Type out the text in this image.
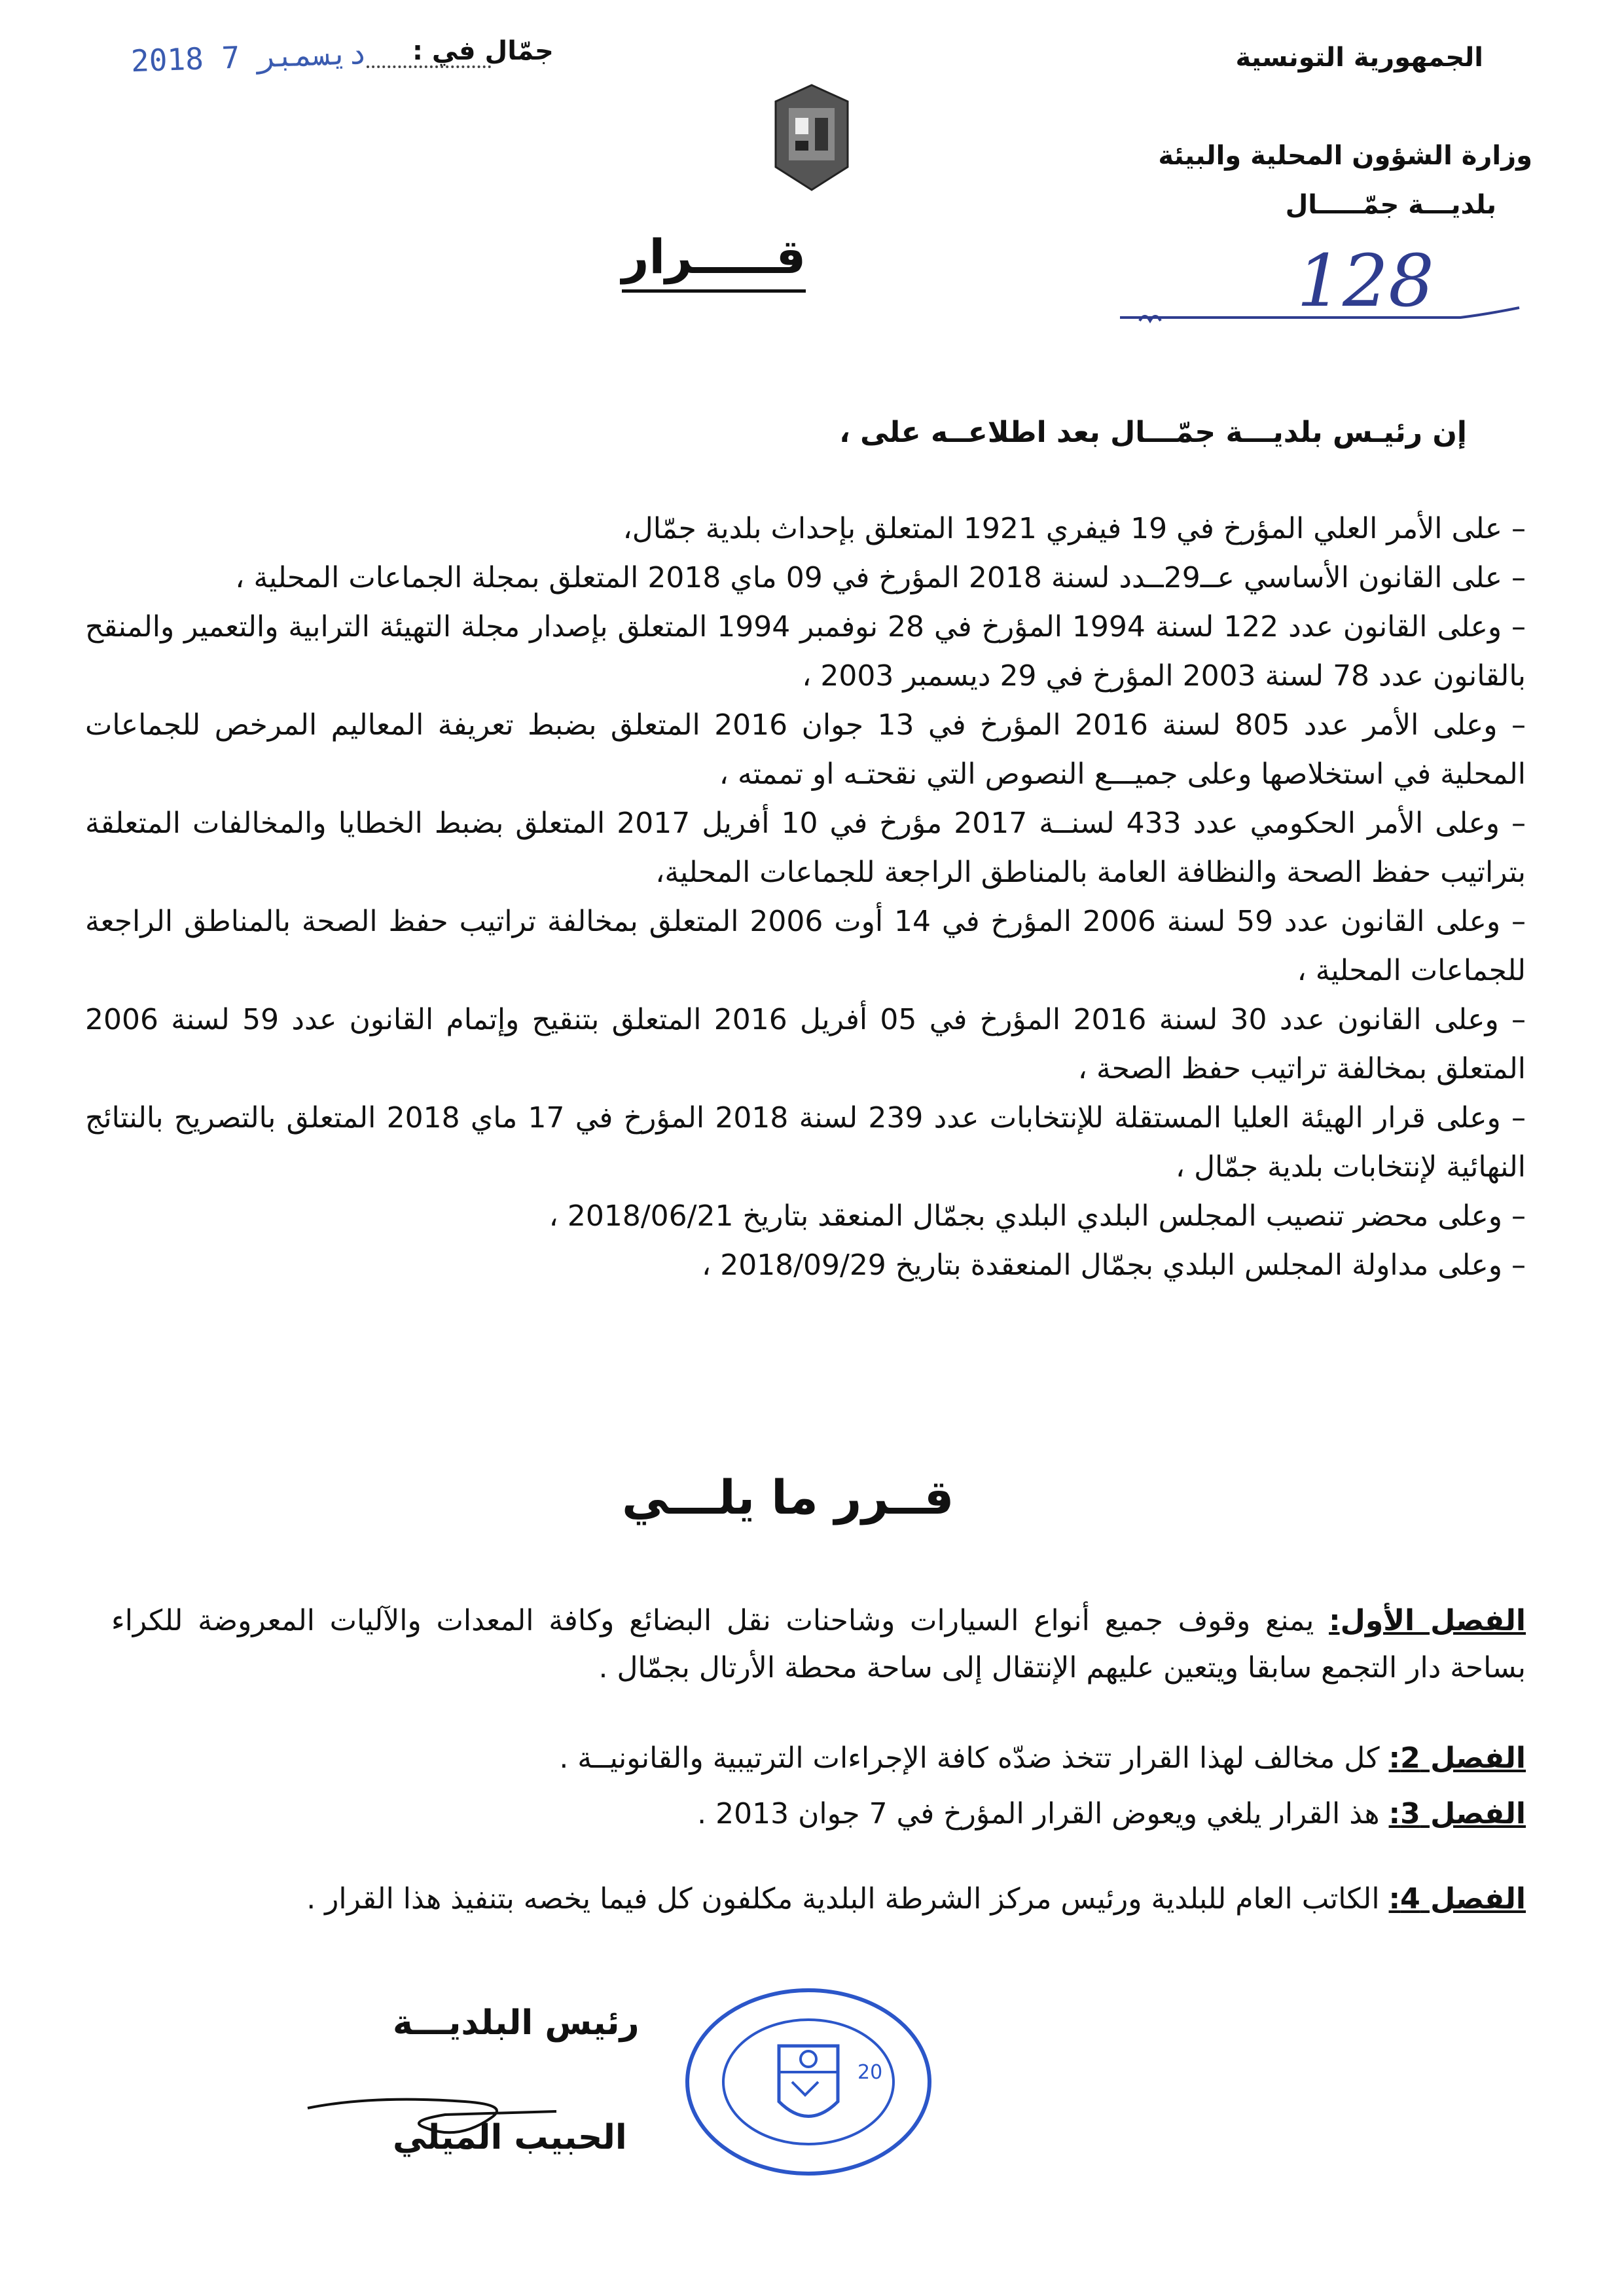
الجمهورية التونسية
وزارة الشؤون المحلية والبيئة
بلديـــة جمّـــــال
جمّال في :
2018 ديسمبر 7
قـــــرار	128
إن رئيـس بلديـــة جمّـــال بعد اطلاعــه على ،
– على الأمر العلي المؤرخ في 19 فيفري 1921 المتعلق بإحداث بلدية جمّال،
– على القانون الأساسي عــ29ــدد لسنة 2018 المؤرخ في 09 ماي 2018 المتعلق بمجلة الجماعات المحلية ،
– وعلى القانون عدد 122 لسنة 1994 المؤرخ في 28 نوفمبر 1994 المتعلق بإصدار مجلة التهيئة الترابية والتعمير والمنقح بالقانون عدد 78 لسنة 2003 المؤرخ في 29 ديسمبر 2003 ،
– وعلى الأمر عدد 805 لسنة 2016 المؤرخ في 13 جوان 2016 المتعلق بضبط تعريفة المعاليم المرخص للجماعات المحلية في استخلاصها وعلى جميـــع النصوص التي نقحتـه او تممته ،
– وعلى الأمر الحكومي عدد 433 لسنــة 2017 مؤرخ في 10 أفريل 2017 المتعلق بضبط الخطايا والمخالفات المتعلقة بتراتيب حفظ الصحة والنظافة العامة بالمناطق الراجعة للجماعات المحلية،
– وعلى القانون عدد 59 لسنة 2006 المؤرخ في 14 أوت 2006 المتعلق بمخالفة تراتيب حفظ الصحة بالمناطق الراجعة للجماعات المحلية ،
– وعلى القانون عدد 30 لسنة 2016 المؤرخ في 05 أفريل 2016 المتعلق بتنقيح وإتمام القانون عدد 59 لسنة 2006 المتعلق بمخالفة تراتيب حفظ الصحة ،
– وعلى قرار الهيئة العليا المستقلة للإنتخابات عدد 239 لسنة 2018 المؤرخ في 17 ماي 2018 المتعلق بالتصريح بالنتائج النهائية لإنتخابات بلدية جمّال ،
– وعلى محضر تنصيب المجلس البلدي البلدي بجمّال المنعقد بتاريخ 2018/06/21 ،
– وعلى مداولة المجلس البلدي بجمّال المنعقدة بتاريخ 2018/09/29 ،
قــرر ما يلـــي
الفصل الأول: يمنع وقوف جميع أنواع السيارات وشاحنات نقل البضائع وكافة المعدات والآليات المعروضة للكراء بساحة دار التجمع سابقا ويتعين عليهم الإنتقال إلى ساحة محطة الأرتال بجمّال .
الفصل 2: كل مخالف لهذا القرار تتخذ ضدّه كافة الإجراءات الترتيبية والقانونيــة .
الفصل 3: هذ القرار يلغي ويعوض القرار المؤرخ في 7 جوان 2013 .
الفصل 4: الكاتب العام للبلدية ورئيس مركز الشرطة البلدية مكلفون كل فيما يخصه بتنفيذ هذا القرار .
رئيس البلديـــة
الحبيب الميلي
20
